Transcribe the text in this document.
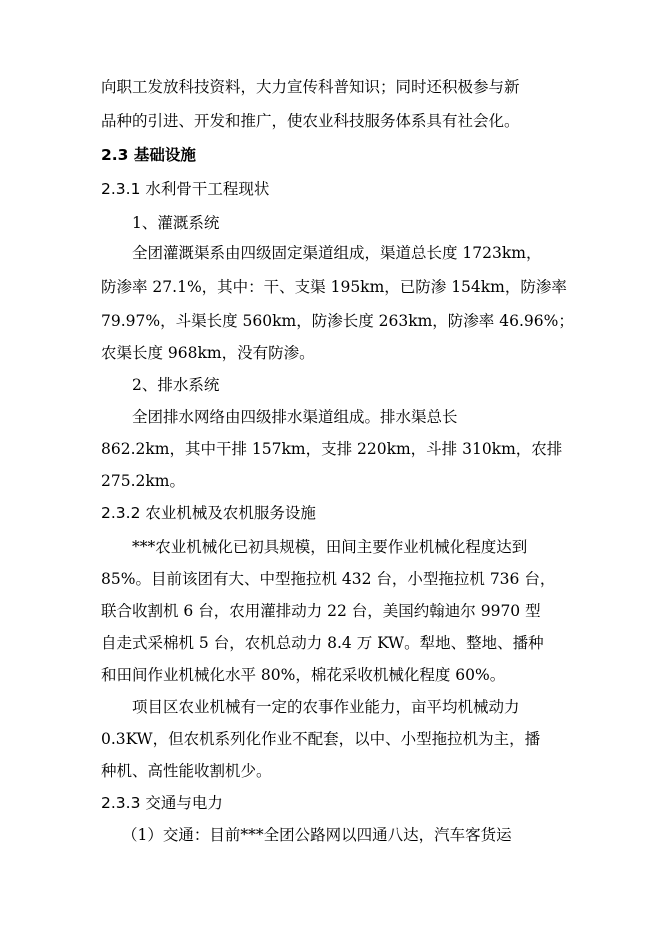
向职工发放科技资料，大力宣传科普知识；同时还积极参与新
品种的引进、开发和推广，使农业科技服务体系具有社会化。
2.3 基础设施
2.3.1 水利骨干工程现状
1、灌溉系统
全团灌溉渠系由四级固定渠道组成，渠道总长度 1723km，
防渗率 27.1%，其中：干、支渠 195km，已防渗 154km，防渗率
79.97%，斗渠长度 560km，防渗长度 263km，防渗率 46.96%；
农渠长度 968km，没有防渗。
2、排水系统
全团排水网络由四级排水渠道组成。排水渠总长
862.2km，其中干排 157km，支排 220km，斗排 310km，农排
275.2km。
2.3.2 农业机械及农机服务设施
***农业机械化已初具规模，田间主要作业机械化程度达到
85%。目前该团有大、中型拖拉机 432 台，小型拖拉机 736 台，
联合收割机 6 台，农用灌排动力 22 台，美国约翰迪尔 9970 型
自走式采棉机 5 台，农机总动力 8.4 万 KW。犁地、整地、播种
和田间作业机械化水平 80%，棉花采收机械化程度 60%。
项目区农业机械有一定的农事作业能力，亩平均机械动力
0.3KW，但农机系列化作业不配套，以中、小型拖拉机为主，播
种机、高性能收割机少。
2.3.3 交通与电力
（1）交通：目前***全团公路网以四通八达，汽车客货运
